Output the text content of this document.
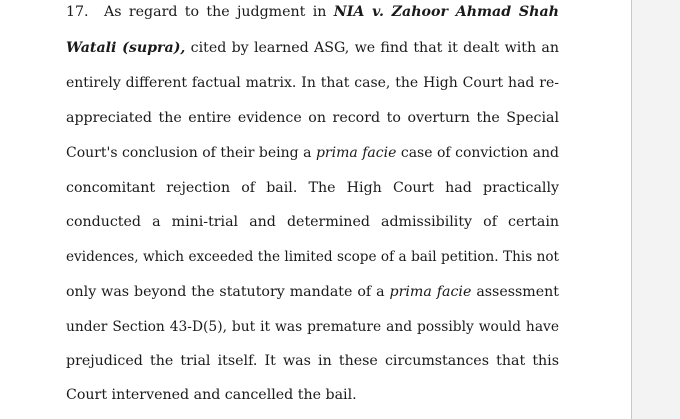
17. As regard to the judgment in NIA v. Zahoor Ahmad Shah
Watali (supra), cited by learned ASG, we find that it dealt with an
entirely different factual matrix. In that case, the High Court had re-
appreciated the entire evidence on record to overturn the Special
Court's conclusion of their being a prima facie case of conviction and
concomitant rejection of bail. The High Court had practically
conducted a mini-trial and determined admissibility of certain
evidences, which exceeded the limited scope of a bail petition. This not
only was beyond the statutory mandate of a prima facie assessment
under Section 43-D(5), but it was premature and possibly would have
prejudiced the trial itself. It was in these circumstances that this
Court intervened and cancelled the bail.
